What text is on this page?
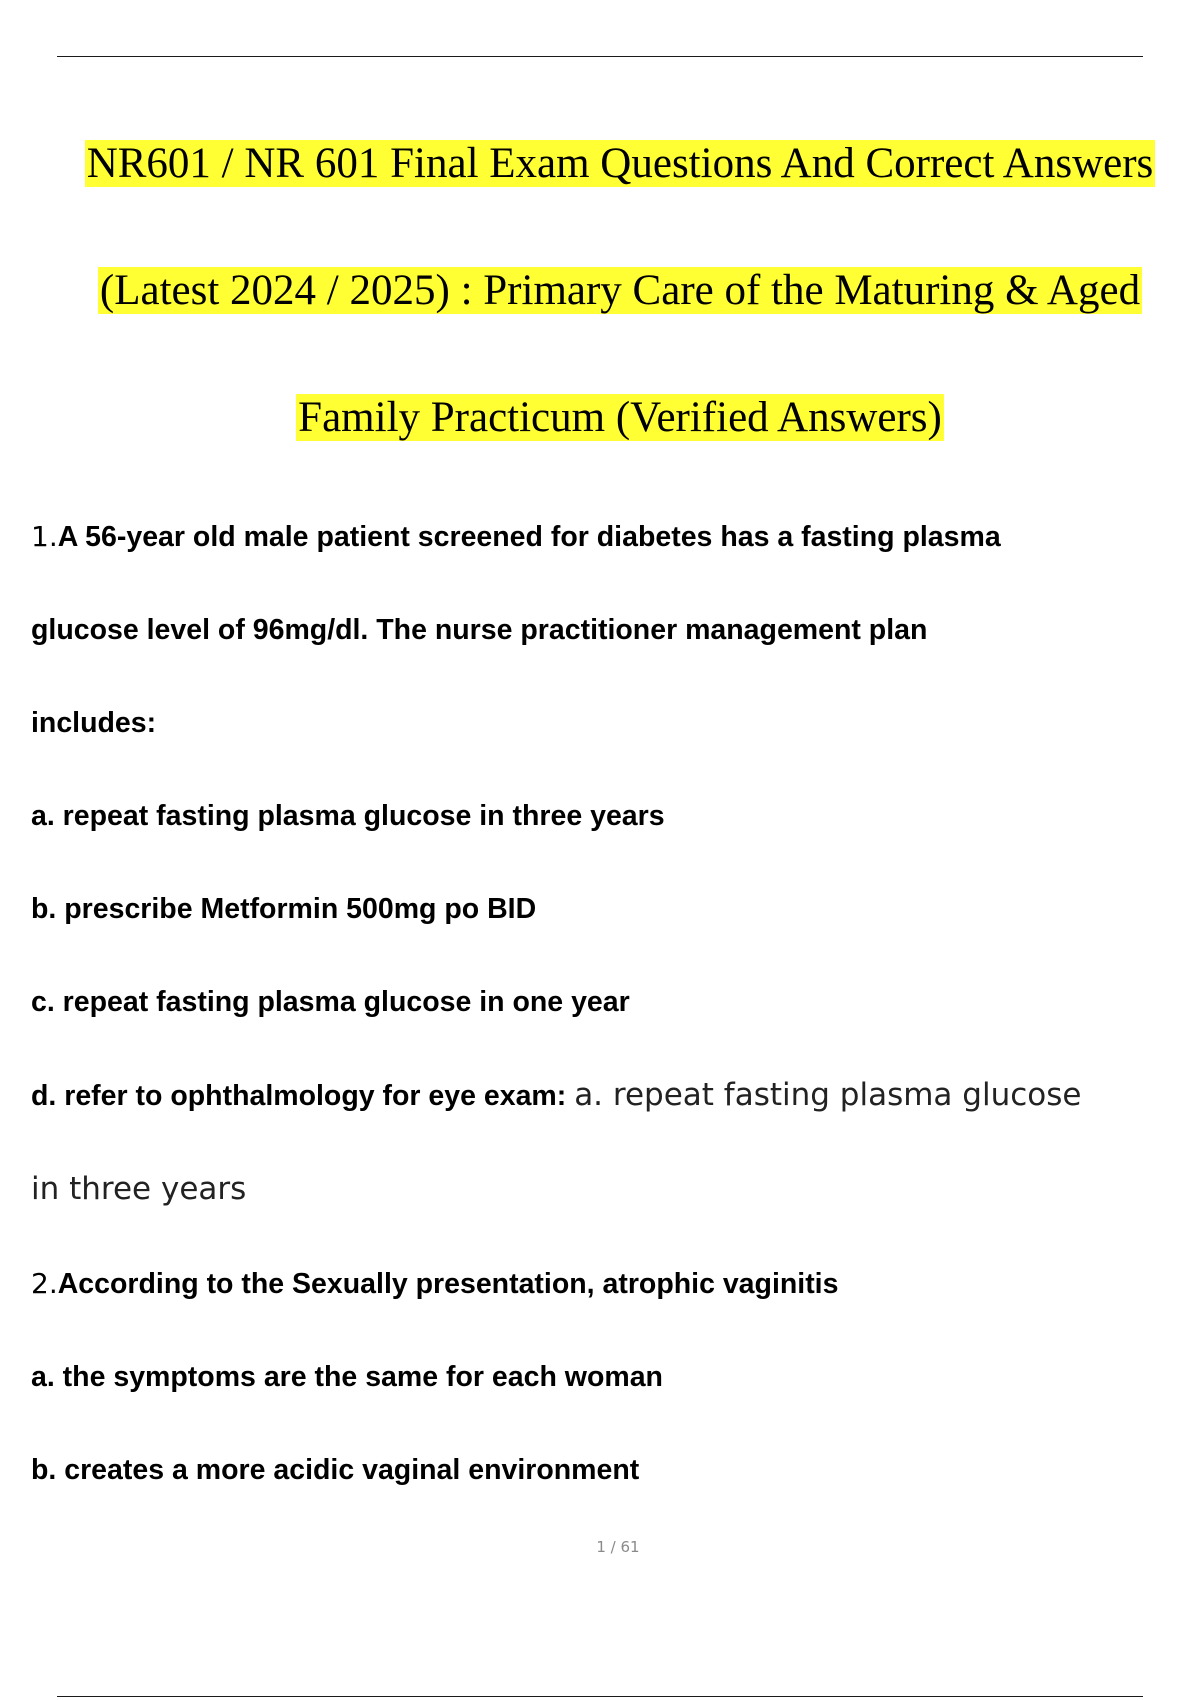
NR601 / NR 601 Final Exam Questions And Correct Answers
(Latest 2024 / 2025) : Primary Care of the Maturing & Aged
Family Practicum (Verified Answers)
1.A 56-year old male patient screened for diabetes has a fasting plasma
glucose level of 96mg/dl. The nurse practitioner management plan
includes:
a. repeat fasting plasma glucose in three years
b. prescribe Metformin 500mg po BID
c. repeat fasting plasma glucose in one year
d. refer to ophthalmology for eye exam: a. repeat fasting plasma glucose
in three years
2.According to the Sexually presentation, atrophic vaginitis
a. the symptoms are the same for each woman
b. creates a more acidic vaginal environment
1 / 61
